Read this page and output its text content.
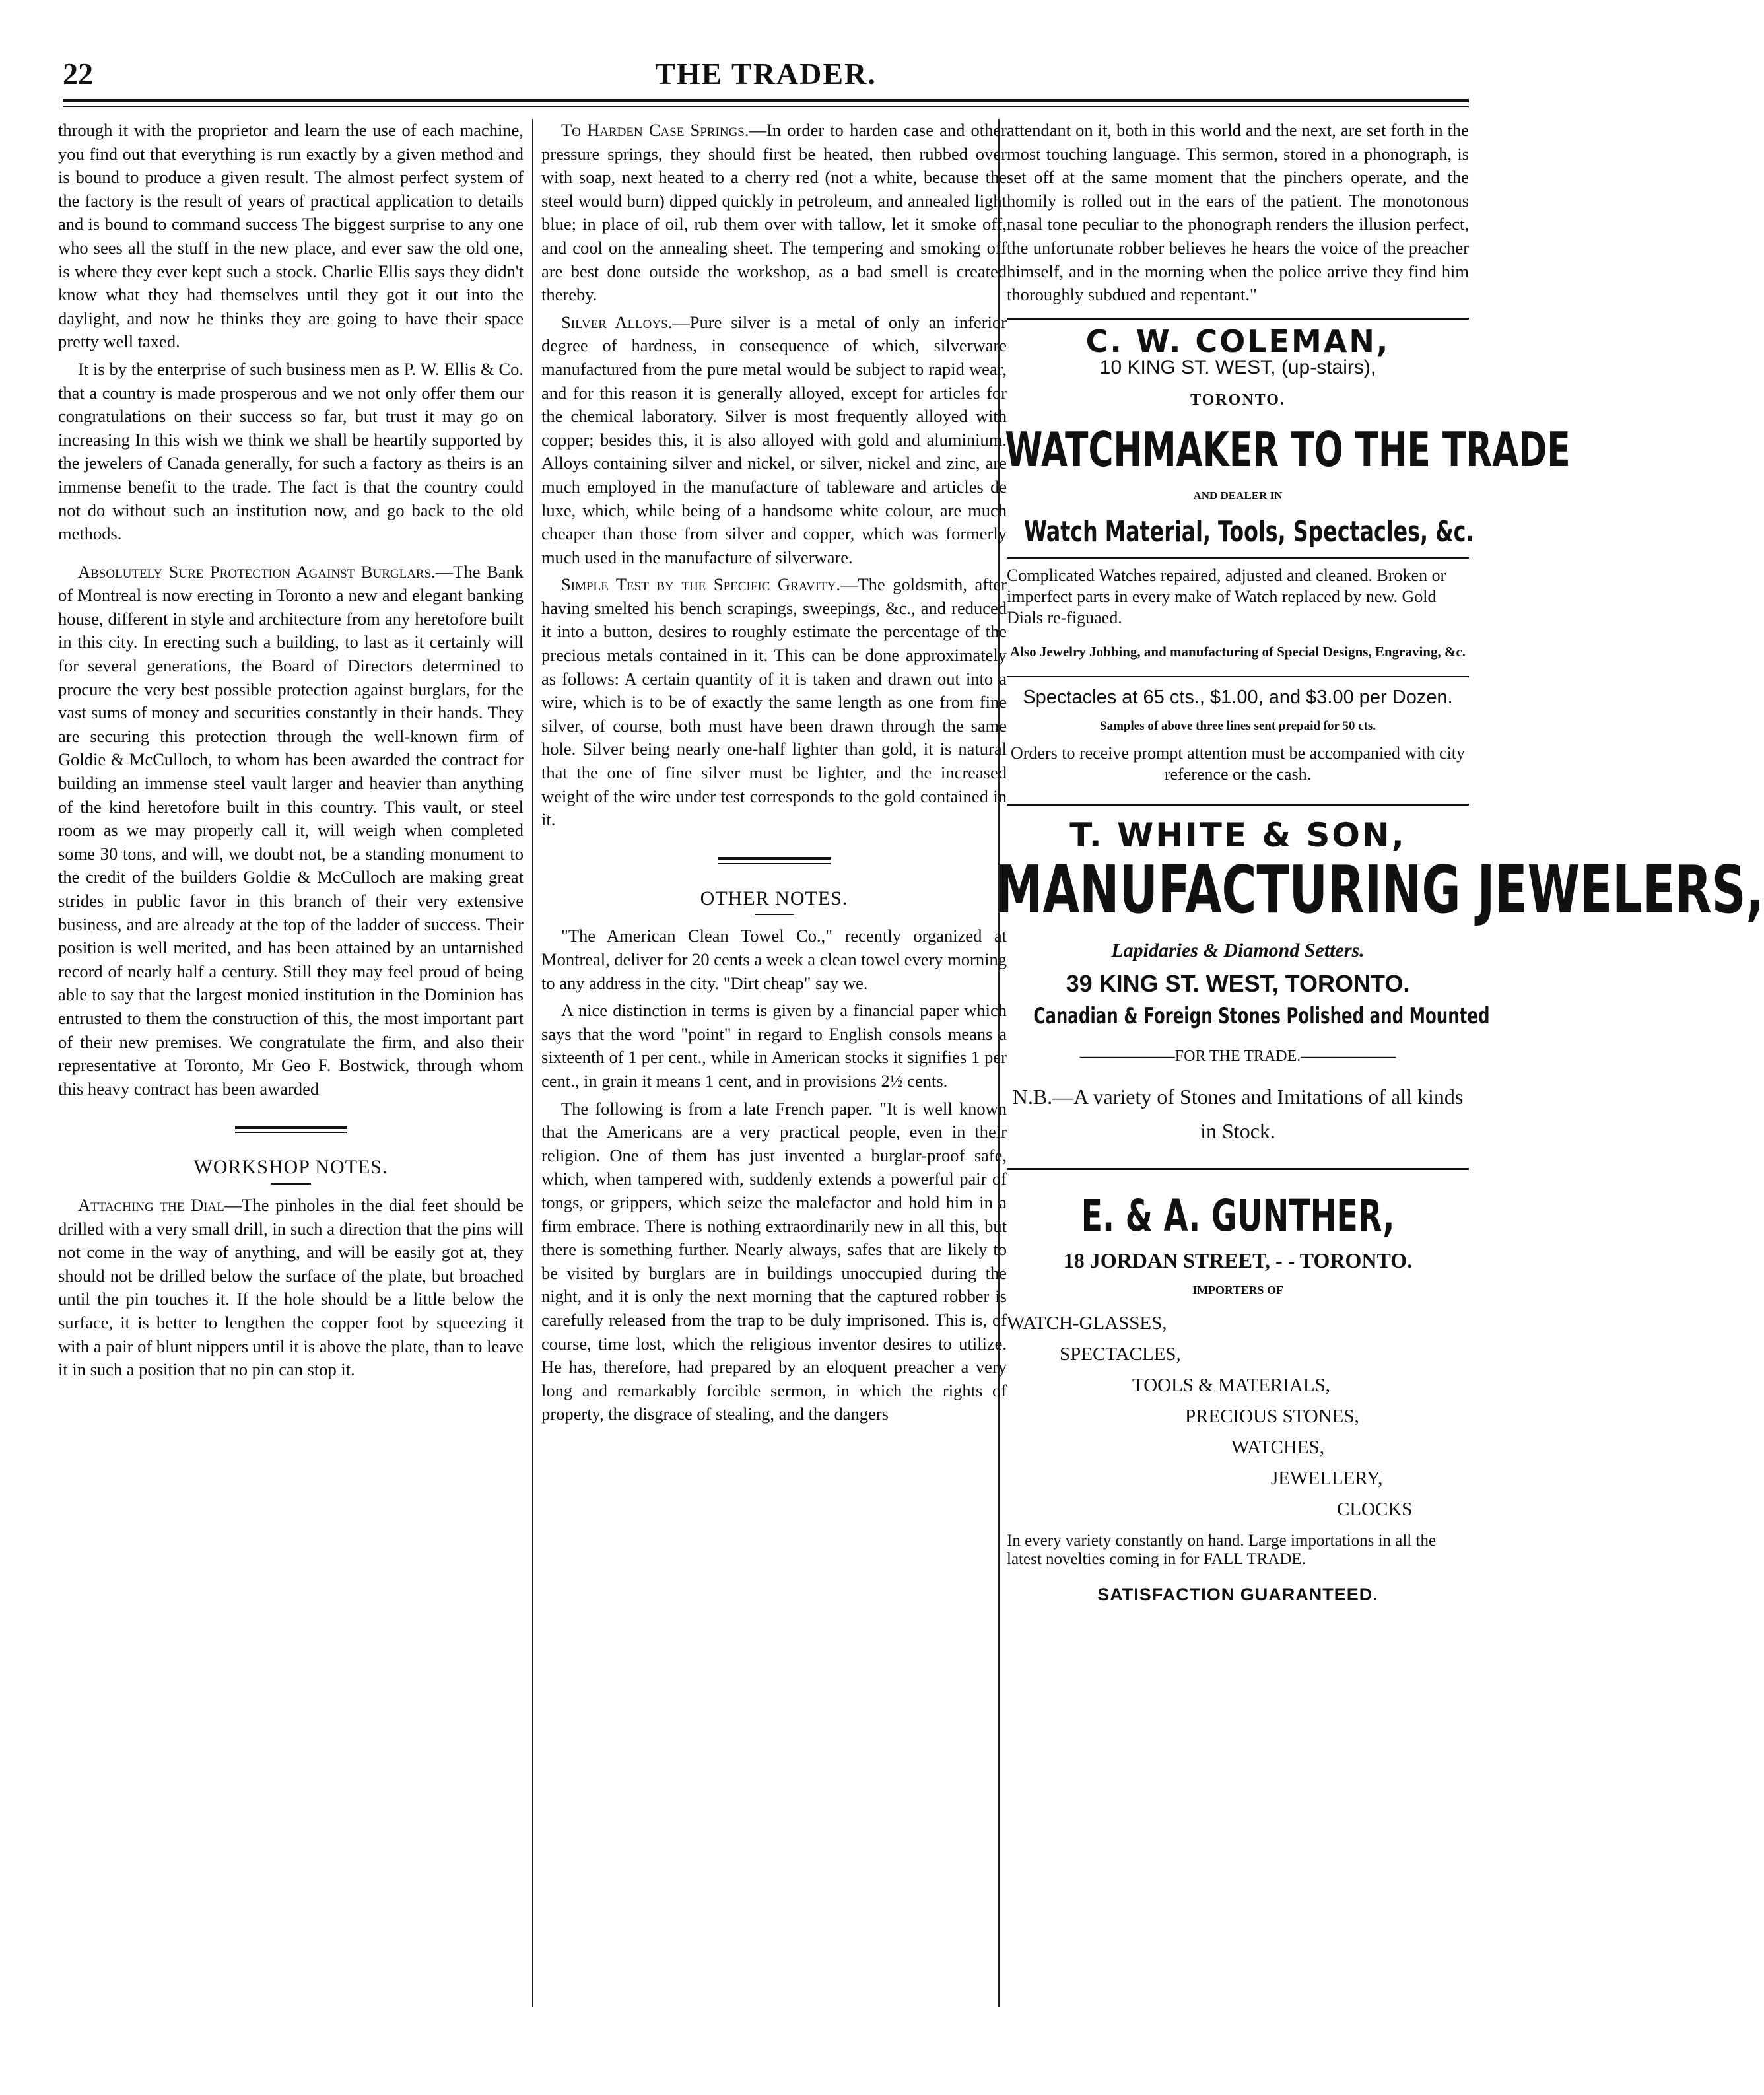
22	THE TRADER.

through it with the proprietor and learn the use of each machine, you find out that everything is run exactly by a given method and is bound to produce a given result. The almost perfect system of the factory is the result of years of practical application to details and is bound to command success The biggest surprise to any one who sees all the stuff in the new place, and ever saw the old one, is where they ever kept such a stock. Charlie Ellis says they didn't know what they had themselves until they got it out into the daylight, and now he thinks they are going to have their space pretty well taxed.

It is by the enterprise of such business men as P. W. Ellis & Co. that a country is made prosperous and we not only offer them our congratulations on their success so far, but trust it may go on increasing In this wish we think we shall be heartily supported by the jewelers of Canada generally, for such a factory as theirs is an immense benefit to the trade. The fact is that the country could not do without such an institution now, and go back to the old methods.

Absolutely Sure Protection Against Burglars.—The Bank of Montreal is now erecting in Toronto a new and elegant banking house, different in style and architecture from any heretofore built in this city. In erecting such a building, to last as it certainly will for several generations, the Board of Directors determined to procure the very best possible protection against burglars, for the vast sums of money and securities constantly in their hands. They are securing this protection through the well-known firm of Goldie & McCulloch, to whom has been awarded the contract for building an immense steel vault larger and heavier than anything of the kind heretofore built in this country. This vault, or steel room as we may properly call it, will weigh when completed some 30 tons, and will, we doubt not, be a standing monument to the credit of the builders Goldie & McCulloch are making great strides in public favor in this branch of their very extensive business, and are already at the top of the ladder of success. Their position is well merited, and has been attained by an untarnished record of nearly half a century. Still they may feel proud of being able to say that the largest monied institution in the Dominion has entrusted to them the construction of this, the most important part of their new premises. We congratulate the firm, and also their representative at Toronto, Mr Geo F. Bostwick, through whom this heavy contract has been awarded

WORKSHOP NOTES.

Attaching the Dial—The pinholes in the dial feet should be drilled with a very small drill, in such a direction that the pins will not come in the way of anything, and will be easily got at, they should not be drilled below the surface of the plate, but broached until the pin touches it. If the hole should be a little below the surface, it is better to lengthen the copper foot by squeezing it with a pair of blunt nippers until it is above the plate, than to leave it in such a position that no pin can stop it.

To Harden Case Springs.—In order to harden case and other pressure springs, they should first be heated, then rubbed over with soap, next heated to a cherry red (not a white, because the steel would burn) dipped quickly in petroleum, and annealed light blue; in place of oil, rub them over with tallow, let it smoke off, and cool on the annealing sheet. The tempering and smoking off are best done outside the workshop, as a bad smell is created thereby.

Silver Alloys.—Pure silver is a metal of only an inferior degree of hardness, in consequence of which, silverware manufactured from the pure metal would be subject to rapid wear, and for this reason it is generally alloyed, except for articles for the chemical laboratory. Silver is most frequently alloyed with copper; besides this, it is also alloyed with gold and aluminium. Alloys containing silver and nickel, or silver, nickel and zinc, are much employed in the manufacture of tableware and articles de luxe, which, while being of a handsome white colour, are much cheaper than those from silver and copper, which was formerly much used in the manufacture of silverware.

Simple Test by the Specific Gravity.—The goldsmith, after having smelted his bench scrapings, sweepings, &c., and reduced it into a button, desires to roughly estimate the percentage of the precious metals contained in it. This can be done approximately as follows: A certain quantity of it is taken and drawn out into a wire, which is to be of exactly the same length as one from fine silver, of course, both must have been drawn through the same hole. Silver being nearly one-half lighter than gold, it is natural that the one of fine silver must be lighter, and the increased weight of the wire under test corresponds to the gold contained in it.

OTHER NOTES.

"The American Clean Towel Co.," recently organized at Montreal, deliver for 20 cents a week a clean towel every morning to any address in the city. "Dirt cheap" say we.

A nice distinction in terms is given by a financial paper which says that the word "point" in regard to English consols means a sixteenth of 1 per cent., while in American stocks it signifies 1 per cent., in grain it means 1 cent, and in provisions 2½ cents.

The following is from a late French paper. "It is well known that the Americans are a very practical people, even in their religion. One of them has just invented a burglar-proof safe, which, when tampered with, suddenly extends a powerful pair of tongs, or grippers, which seize the malefactor and hold him in a firm embrace. There is nothing extraordinarily new in all this, but there is something further. Nearly always, safes that are likely to be visited by burglars are in buildings unoccupied during the night, and it is only the next morning that the captured robber is carefully released from the trap to be duly imprisoned. This is, of course, time lost, which the religious inventor desires to utilize. He has, therefore, had prepared by an eloquent preacher a very long and remarkably forcible sermon, in which the rights of property, the disgrace of stealing, and the dangers

attendant on it, both in this world and the next, are set forth in the most touching language. This sermon, stored in a phonograph, is set off at the same moment that the pinchers operate, and the homily is rolled out in the ears of the patient. The monotonous nasal tone peculiar to the phonograph renders the illusion perfect, the unfortunate robber believes he hears the voice of the preacher himself, and in the morning when the police arrive they find him thoroughly subdued and repentant."

C. W. COLEMAN,
10 KING ST. WEST, (up-stairs),
TORONTO.
WATCHMAKER TO THE TRADE
AND DEALER IN
Watch Material, Tools, Spectacles, &c.
Complicated Watches repaired, adjusted and cleaned. Broken or imperfect parts in every make of Watch replaced by new. Gold Dials re-figuaed.
Also Jewelry Jobbing, and manufacturing of Special Designs, Engraving, &c.
Spectacles at 65 cts., $1.00, and $3.00 per Dozen.
Samples of above three lines sent prepaid for 50 cts.
Orders to receive prompt attention must be accompanied with city reference or the cash.
T. WHITE & SON,
MANUFACTURING JEWELERS,
Lapidaries & Diamond Setters.
39 KING ST. WEST, TORONTO.
Canadian & Foreign Stones Polished and Mounted
——————FOR THE TRADE.——————
N.B.—A variety of Stones and Imitations of all kinds in Stock.
E. & A. GUNTHER,
18 JORDAN STREET, - - TORONTO.
IMPORTERS OF
WATCH-GLASSES,
SPECTACLES,
TOOLS & MATERIALS,
PRECIOUS STONES,
WATCHES,
JEWELLERY,
CLOCKS
In every variety constantly on hand. Large importations in all the latest novelties coming in for FALL TRADE.
SATISFACTION GUARANTEED.
